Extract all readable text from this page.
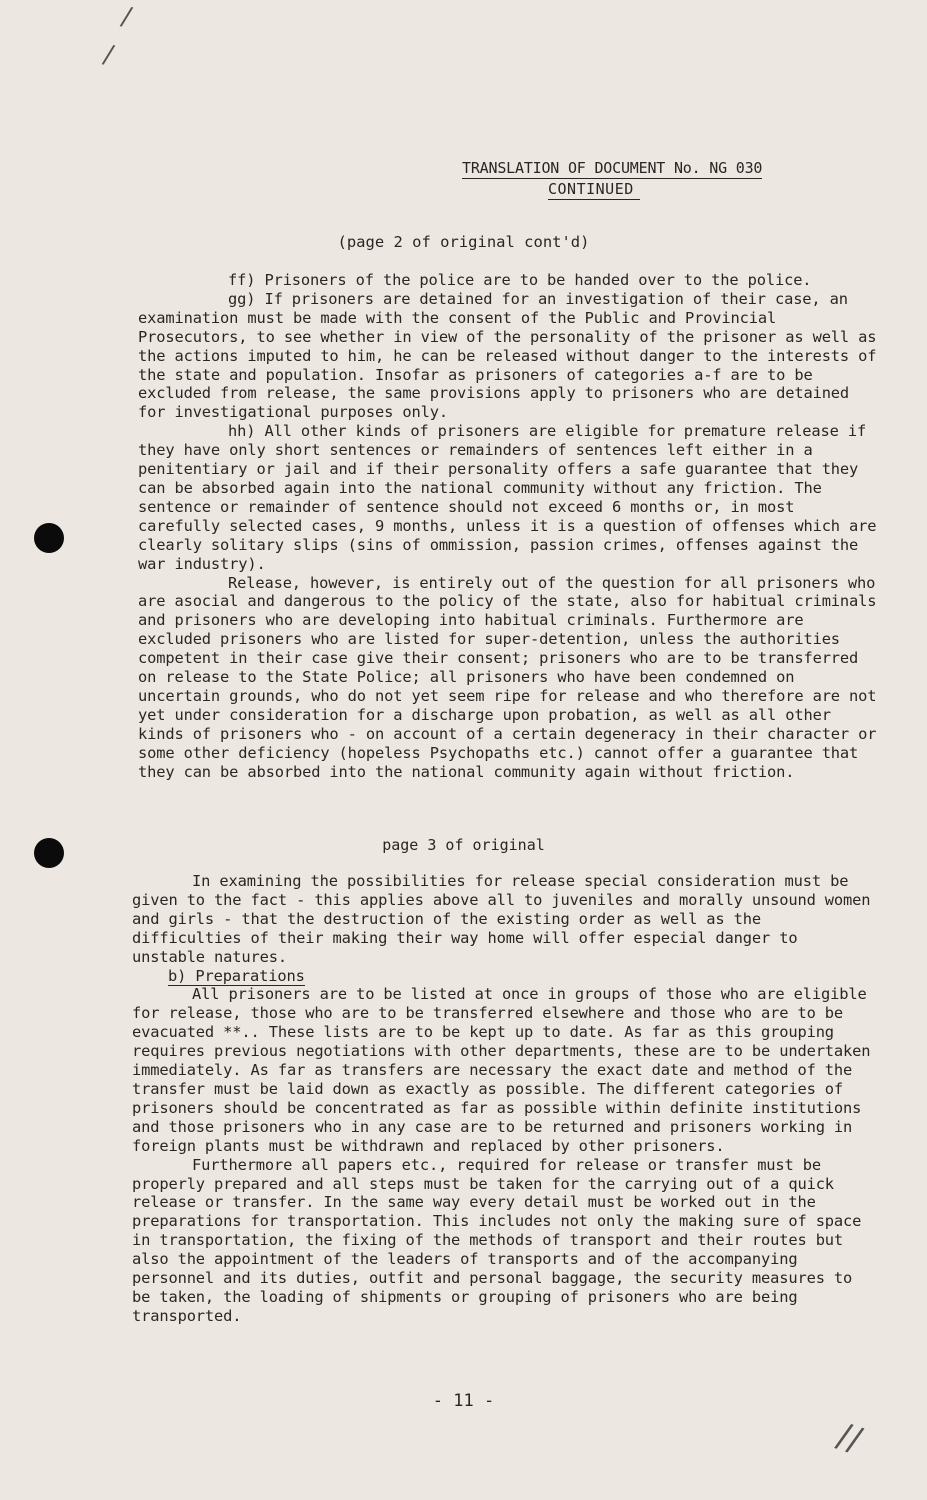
/
/
//
TRANSLATION OF DOCUMENT No. NG 030
CONTINUED
(page 2 of original cont'd)

ff) Prisoners of the police are to be handed over to the police.

gg) If prisoners are detained for an investigation of their case, an examination must be made with the consent of the Public and Provincial Prosecutors, to see whether in view of the personality of the prisoner as well as the actions imputed to him, he can be released without danger to the interests of the state and population. Insofar as prisoners of categories a-f are to be excluded from release, the same provisions apply to prisoners who are detained for investigational purposes only.

hh) All other kinds of prisoners are eligible for premature release if they have only short sentences or remainders of sentences left either in a penitentiary or jail and if their personality offers a safe guarantee that they can be absorbed again into the national community without any friction. The sentence or remainder of sentence should not exceed 6 months or, in most carefully selected cases, 9 months, unless it is a question of offenses which are clearly solitary slips (sins of ommission, passion crimes, offenses against the war industry).

Release, however, is entirely out of the question for all prisoners who are asocial and dangerous to the policy of the state, also for habitual criminals and prisoners who are developing into habitual criminals. Furthermore are excluded prisoners who are listed for super-detention, unless the authorities competent in their case give their consent; prisoners who are to be transferred on release to the State Police; all prisoners who have been condemned on uncertain grounds, who do not yet seem ripe for release and who therefore are not yet under consideration for a discharge upon probation, as well as all other kinds of prisoners who - on account of a certain degeneracy in their character or some other deficiency (hopeless Psychopaths etc.) cannot offer a guarantee that they can be absorbed into the national community again without friction.

page 3 of original

In examining the possibilities for release special consideration must be given to the fact - this applies above all to juveniles and morally unsound women and girls - that the destruction of the existing order as well as the difficulties of their making their way home will offer especial danger to unstable natures.

b) Preparations

All prisoners are to be listed at once in groups of those who are eligible for release, those who are to be transferred elsewhere and those who are to be evacuated **.. These lists are to be kept up to date. As far as this grouping requires previous negotiations with other departments, these are to be undertaken immediately. As far as transfers are necessary the exact date and method of the transfer must be laid down as exactly as possible. The different categories of prisoners should be concentrated as far as possible within definite institutions and those prisoners who in any case are to be returned and prisoners working in foreign plants must be withdrawn and replaced by other prisoners.

Furthermore all papers etc., required for release or transfer must be properly prepared and all steps must be taken for the carrying out of a quick release or transfer. In the same way every detail must be worked out in the preparations for transportation. This includes not only the making sure of space in transportation, the fixing of the methods of transport and their routes but also the appointment of the leaders of transports and of the accompanying personnel and its duties, outfit and personal baggage, the security measures to be taken, the loading of shipments or grouping of prisoners who are being transported.

- 11 -
